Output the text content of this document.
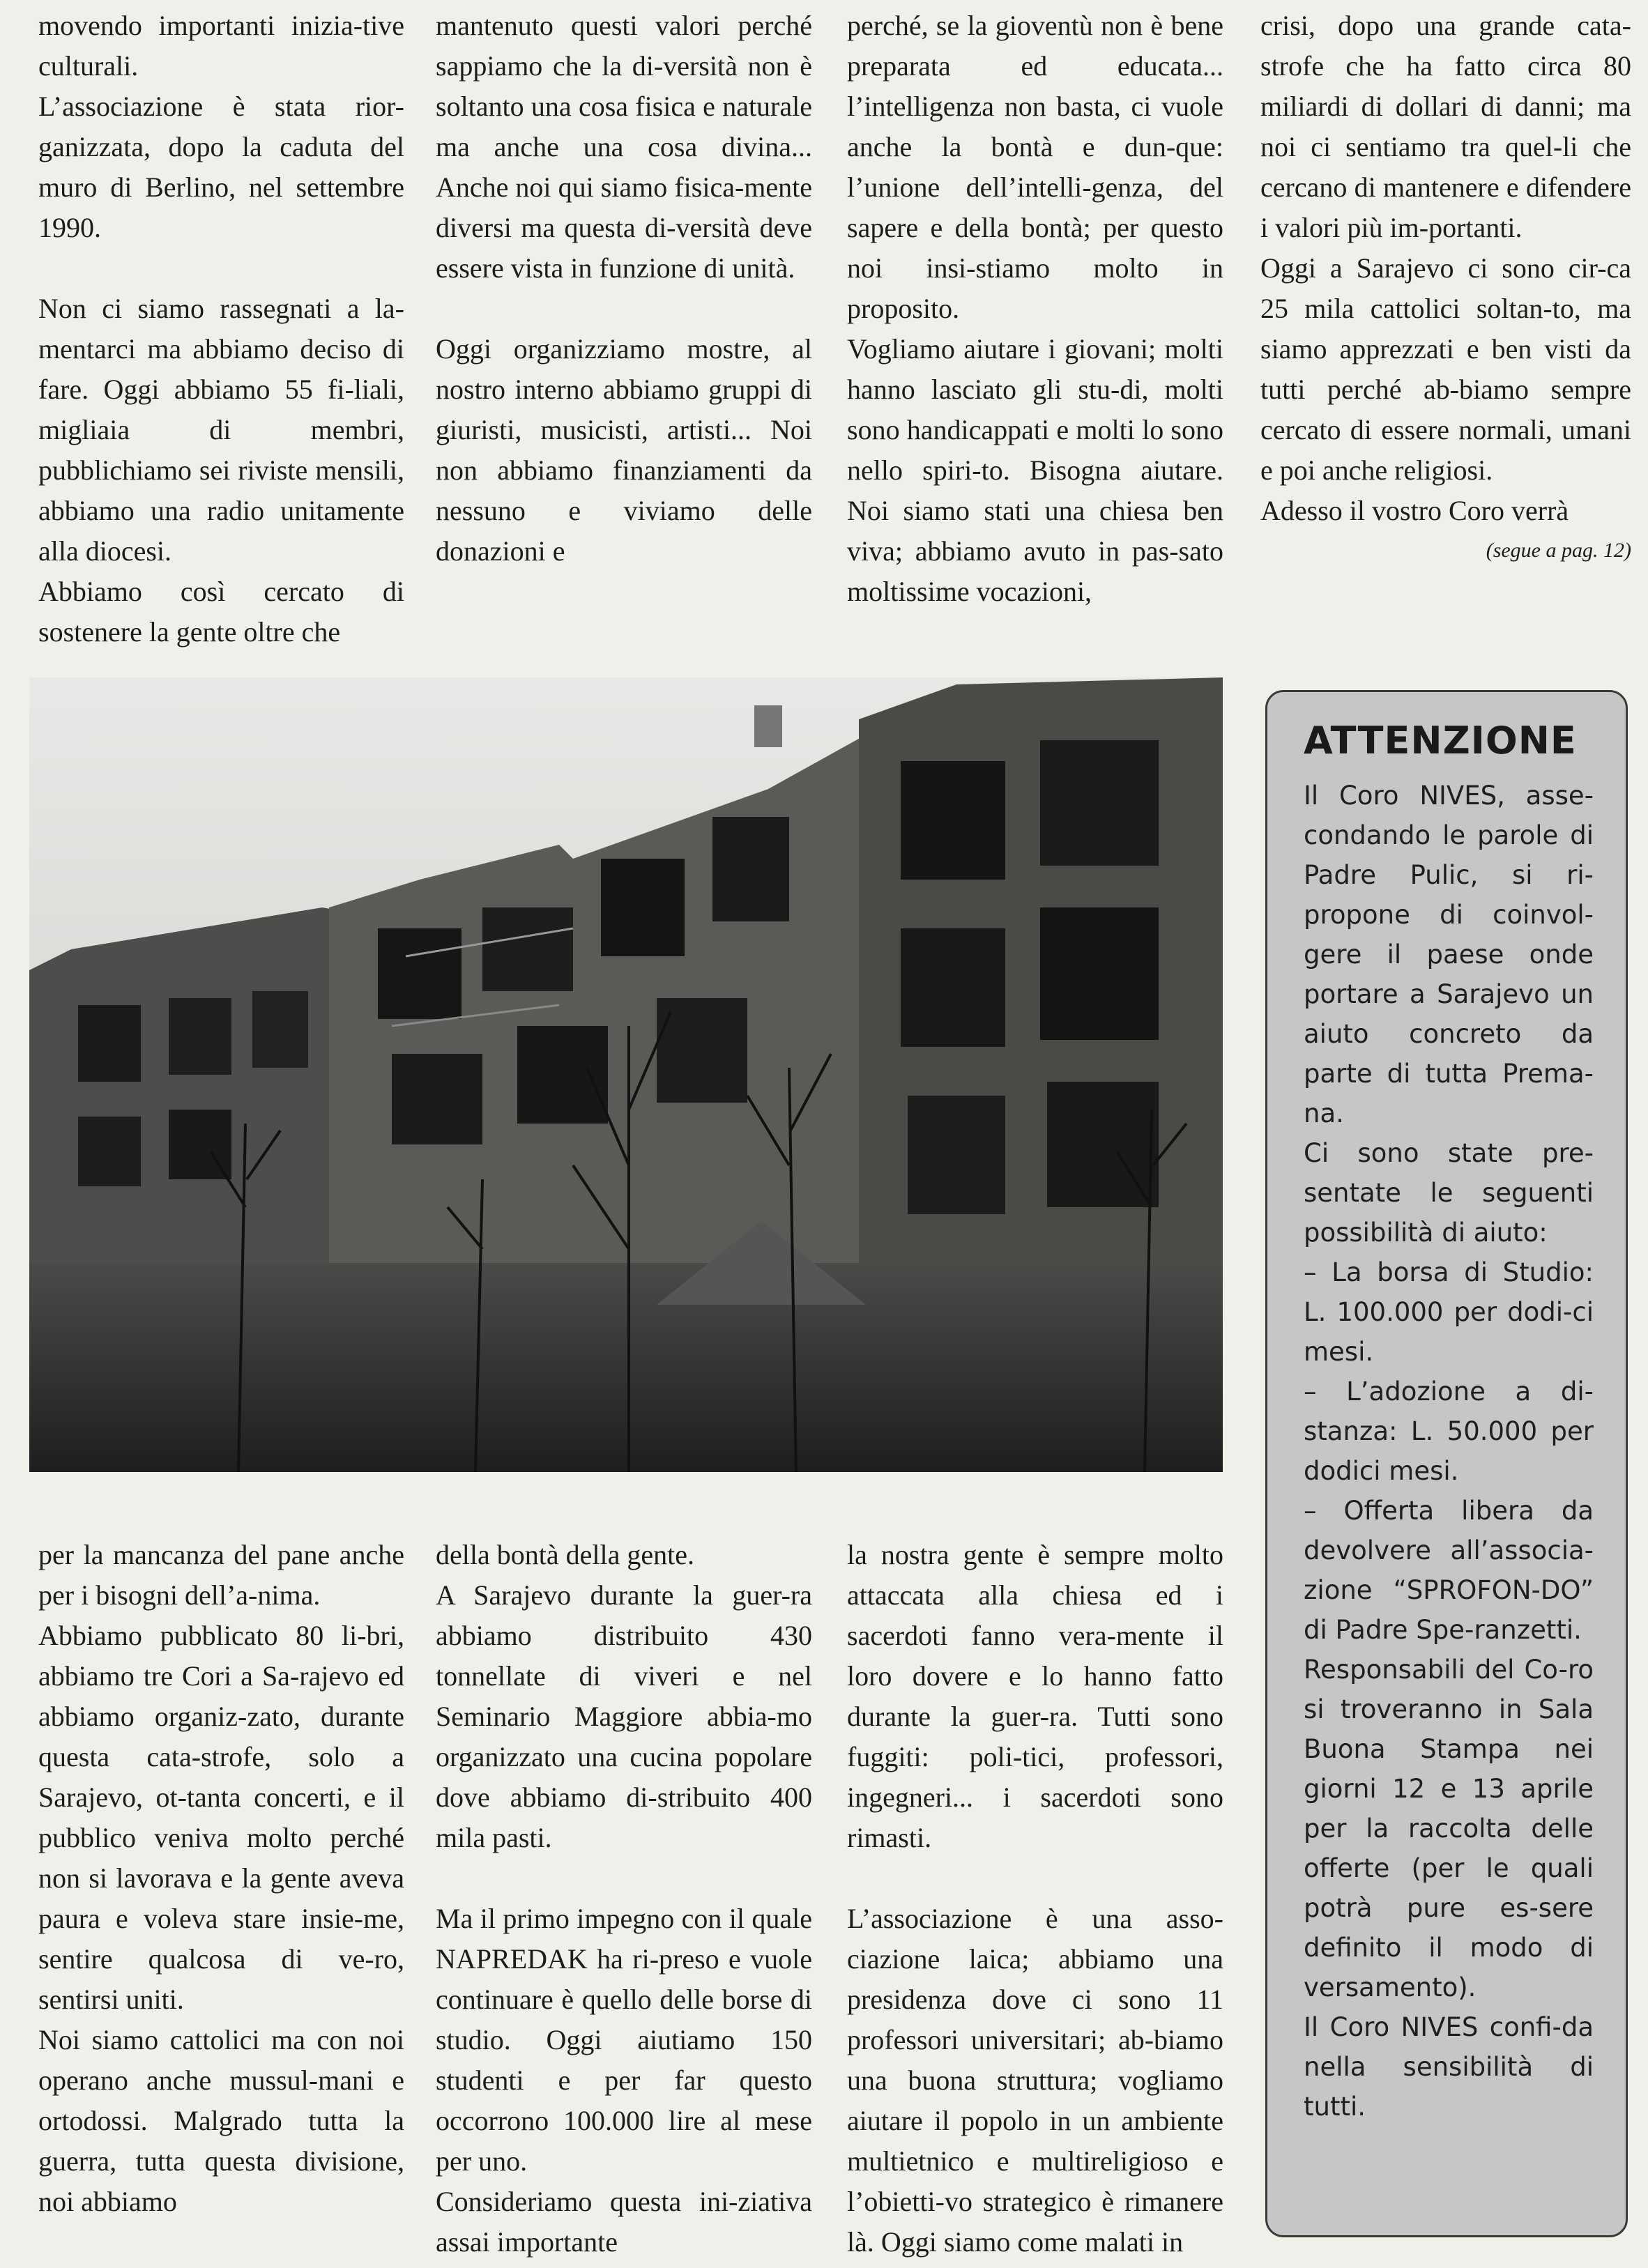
movendo importanti inizia-tive culturali.

L’associazione è stata rior-ganizzata, dopo la caduta del muro di Berlino, nel settembre 1990.

Non ci siamo rassegnati a la-mentarci ma abbiamo deciso di fare. Oggi abbiamo 55 fi-liali, migliaia di membri, pubblichiamo sei riviste mensili, abbiamo una radio unitamente alla diocesi.

Abbiamo così cercato di sostenere la gente oltre che

mantenuto questi valori perché sappiamo che la di-versità non è soltanto una cosa fisica e naturale ma anche una cosa divina... Anche noi qui siamo fisica-mente diversi ma questa di-versità deve essere vista in funzione di unità.

Oggi organizziamo mostre, al nostro interno abbiamo gruppi di giuristi, musicisti, artisti... Noi non abbiamo finanziamenti da nessuno e viviamo delle donazioni e

perché, se la gioventù non è bene preparata ed educata... l’intelligenza non basta, ci vuole anche la bontà e dun-que: l’unione dell’intelli-genza, del sapere e della bontà; per questo noi insi-stiamo molto in proposito.

Vogliamo aiutare i giovani; molti hanno lasciato gli stu-di, molti sono handicappati e molti lo sono nello spiri-to. Bisogna aiutare. Noi siamo stati una chiesa ben viva; abbiamo avuto in pas-sato moltissime vocazioni,

crisi, dopo una grande cata-strofe che ha fatto circa 80 miliardi di dollari di danni; ma noi ci sentiamo tra quel-li che cercano di mantenere e difendere i valori più im-portanti.

Oggi a Sarajevo ci sono cir-ca 25 mila cattolici soltan-to, ma siamo apprezzati e ben visti da tutti perché ab-biamo sempre cercato di essere normali, umani e poi anche religiosi.

Adesso il vostro Coro verrà

(segue a pag. 12)

per la mancanza del pane anche per i bisogni dell’a-nima.

Abbiamo pubblicato 80 li-bri, abbiamo tre Cori a Sa-rajevo ed abbiamo organiz-zato, durante questa cata-strofe, solo a Sarajevo, ot-tanta concerti, e il pubblico veniva molto perché non si lavorava e la gente aveva paura e voleva stare insie-me, sentire qualcosa di ve-ro, sentirsi uniti.

Noi siamo cattolici ma con noi operano anche mussul-mani e ortodossi. Malgrado tutta la guerra, tutta questa divisione, noi abbiamo

della bontà della gente.

A Sarajevo durante la guer-ra abbiamo distribuito 430 tonnellate di viveri e nel Seminario Maggiore abbia-mo organizzato una cucina popolare dove abbiamo di-stribuito 400 mila pasti.

Ma il primo impegno con il quale NAPREDAK ha ri-preso e vuole continuare è quello delle borse di studio. Oggi aiutiamo 150 studenti e per far questo occorrono 100.000 lire al mese per uno.

Consideriamo questa ini-ziativa assai importante

la nostra gente è sempre molto attaccata alla chiesa ed i sacerdoti fanno vera-mente il loro dovere e lo hanno fatto durante la guer-ra. Tutti sono fuggiti: poli-tici, professori, ingegneri... i sacerdoti sono rimasti.

L’associazione è una asso-ciazione laica; abbiamo una presidenza dove ci sono 11 professori universitari; ab-biamo una buona struttura; vogliamo aiutare il popolo in un ambiente multietnico e multireligioso e l’obietti-vo strategico è rimanere là. Oggi siamo come malati in

ATTENZIONE

Il Coro NIVES, asse-condando le parole di Padre Pulic, si ri-propone di coinvol-gere il paese onde portare a Sarajevo un aiuto concreto da parte di tutta Prema-na.

Ci sono state pre-sentate le seguenti possibilità di aiuto:

– La borsa di Studio: L. 100.000 per dodi-ci mesi.

– L’adozione a di-stanza: L. 50.000 per dodici mesi.

– Offerta libera da devolvere all’associa-zione “SPROFON-DO” di Padre Spe-ranzetti.

Responsabili del Co-ro si troveranno in Sala Buona Stampa nei giorni 12 e 13 aprile per la raccolta delle offerte (per le quali potrà pure es-sere definito il modo di versamento).

Il Coro NIVES confi-da nella sensibilità di tutti.
